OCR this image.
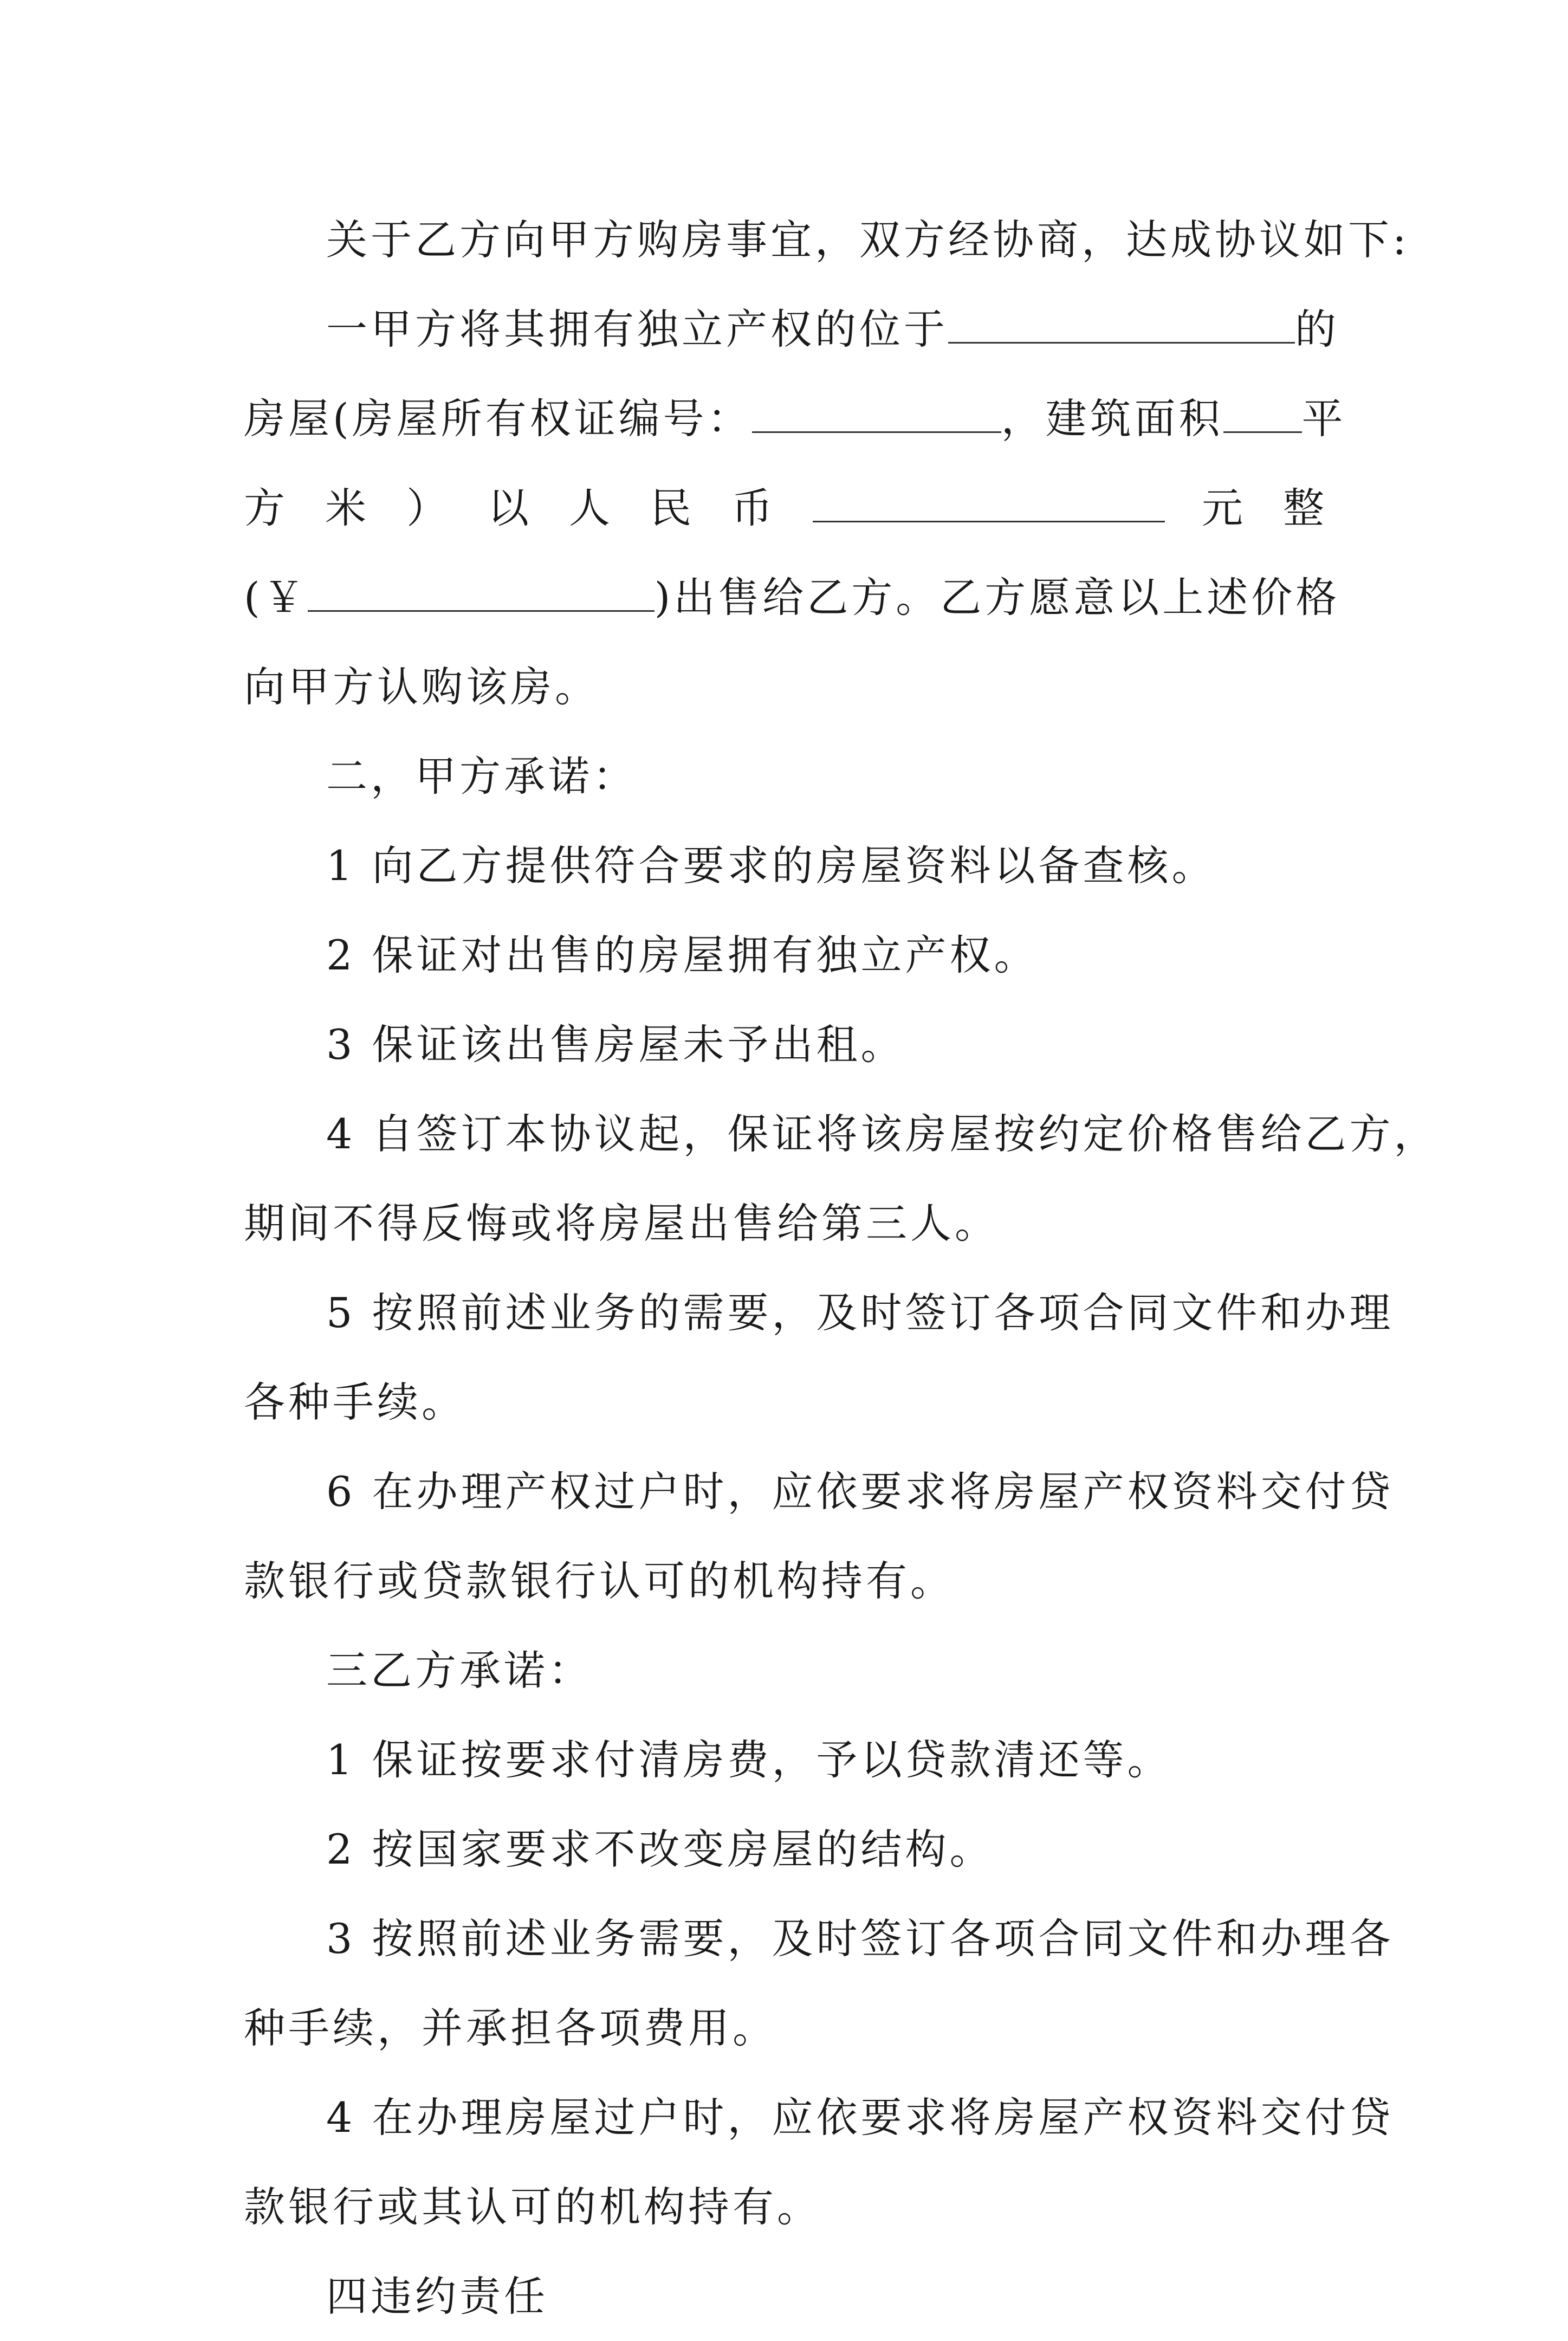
关于乙方向甲方购房事宜，双方经协商，达成协议如下:

一甲方将其拥有独立产权的位于	的

房屋(房屋所有权证编号：	，建筑面积 平

方 米 ） 以 人 民 币	元 整

(￥	)出售给乙方。乙方愿意以上述价格

向甲方认购该房。

二，甲方承诺：

1 向乙方提供符合要求的房屋资料以备查核。

2 保证对出售的房屋拥有独立产权。

3 保证该出售房屋未予出租。

4 自签订本协议起，保证将该房屋按约定价格售给乙方，

期间不得反悔或将房屋出售给第三人。

5 按照前述业务的需要，及时签订各项合同文件和办理

各种手续。

6 在办理产权过户时，应依要求将房屋产权资料交付贷

款银行或贷款银行认可的机构持有。

三乙方承诺：

1 保证按要求付清房费，予以贷款清还等。

2 按国家要求不改变房屋的结构。

3 按照前述业务需要，及时签订各项合同文件和办理各

种手续，并承担各项费用。

4 在办理房屋过户时，应依要求将房屋产权资料交付贷

款银行或其认可的机构持有。

四违约责任
